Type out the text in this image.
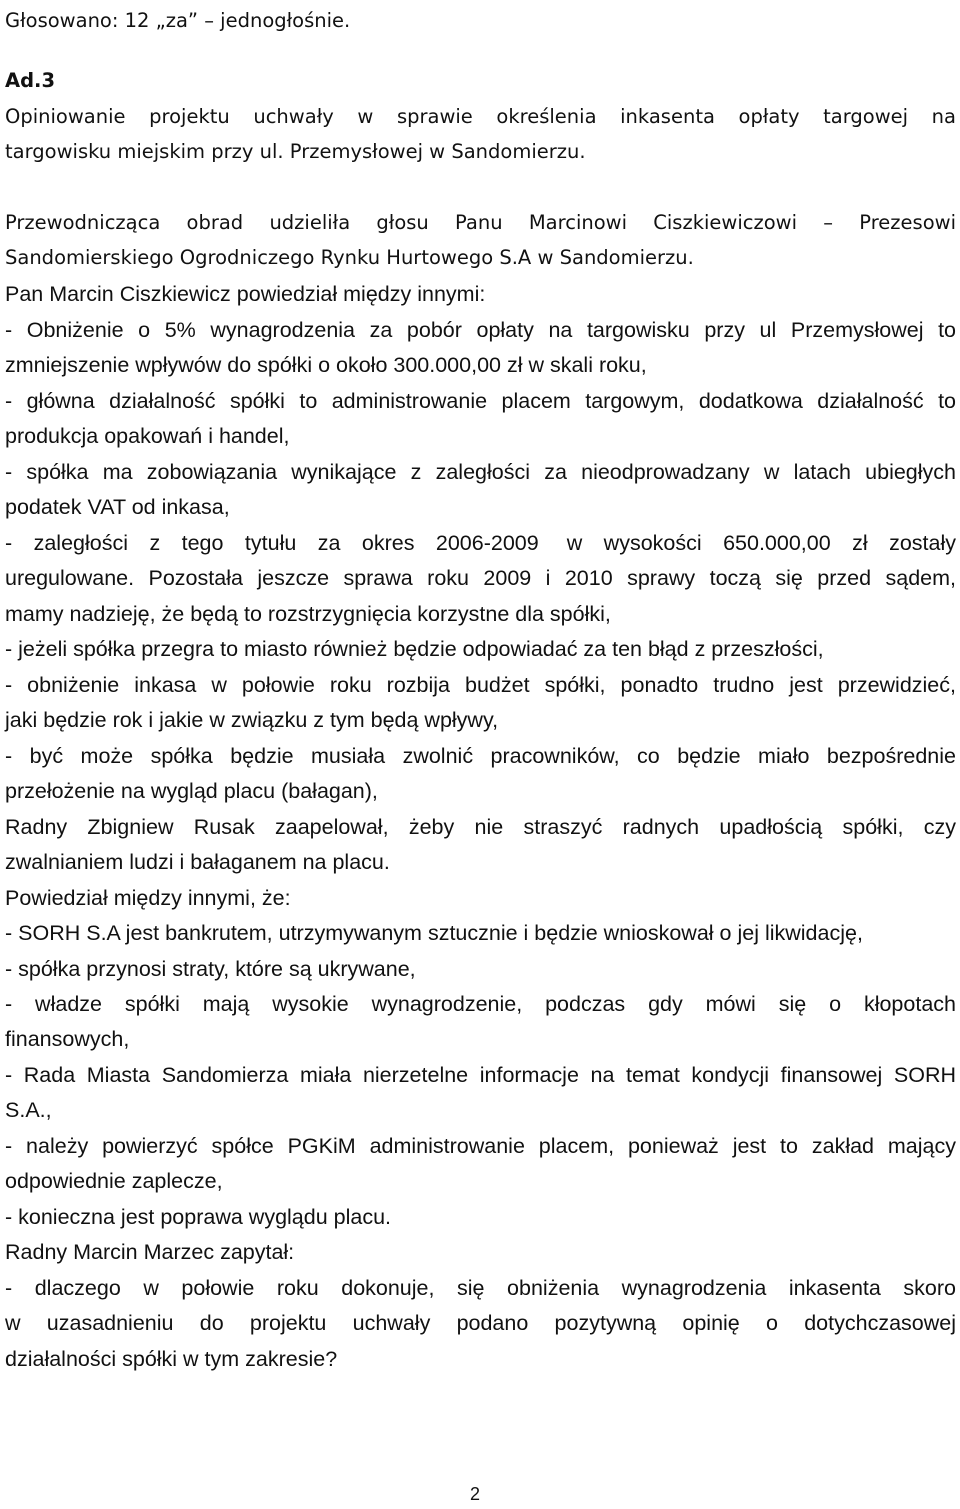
Głosowano: 12 „za” – jednogłośnie.
Ad.3
Opiniowanie projektu uchwały w sprawie określenia inkasenta opłaty targowej na
targowisku miejskim przy ul. Przemysłowej w Sandomierzu.
Przewodnicząca obrad udzieliła głosu Panu Marcinowi Ciszkiewiczowi – Prezesowi
Sandomierskiego Ogrodniczego Rynku Hurtowego S.A w Sandomierzu.
Pan Marcin Ciszkiewicz powiedział między innymi:
- Obniżenie o 5% wynagrodzenia za pobór opłaty na targowisku przy ul Przemysłowej to
zmniejszenie wpływów do spółki o około 300.000,00 zł w skali roku,
- główna działalność spółki to administrowanie placem targowym, dodatkowa działalność to
produkcja opakowań i handel,
- spółka ma zobowiązania wynikające z zaległości za nieodprowadzany w latach ubiegłych
podatek VAT od inkasa,
- zaległości z tego tytułu za okres 2006-2009 w wysokości 650.000,00 zł zostały
uregulowane. Pozostała jeszcze sprawa roku 2009 i 2010 sprawy toczą się przed sądem,
mamy nadzieję, że będą to rozstrzygnięcia korzystne dla spółki,
- jeżeli spółka przegra to miasto również będzie odpowiadać za ten błąd z przeszłości,
- obniżenie inkasa w połowie roku rozbija budżet spółki, ponadto trudno jest przewidzieć,
jaki będzie rok i jakie w związku z tym będą wpływy,
- być może spółka będzie musiała zwolnić pracowników, co będzie miało bezpośrednie
przełożenie na wygląd placu (bałagan),
Radny Zbigniew Rusak zaapelował, żeby nie straszyć radnych upadłością spółki, czy
zwalnianiem ludzi i bałaganem na placu.
Powiedział między innymi, że:
- SORH S.A jest bankrutem, utrzymywanym sztucznie i będzie wnioskował o jej likwidację,
- spółka przynosi straty, które są ukrywane,
- władze spółki mają wysokie wynagrodzenie, podczas gdy mówi się o kłopotach
finansowych,
- Rada Miasta Sandomierza miała nierzetelne informacje na temat kondycji finansowej SORH
S.A.,
- należy powierzyć spółce PGKiM administrowanie placem, ponieważ jest to zakład mający
odpowiednie zaplecze,
- konieczna jest poprawa wyglądu placu.
Radny Marcin Marzec zapytał:
- dlaczego w połowie roku dokonuje, się obniżenia wynagrodzenia inkasenta skoro
w uzasadnieniu do projektu uchwały podano pozytywną opinię o dotychczasowej
działalności spółki w tym zakresie?
2
